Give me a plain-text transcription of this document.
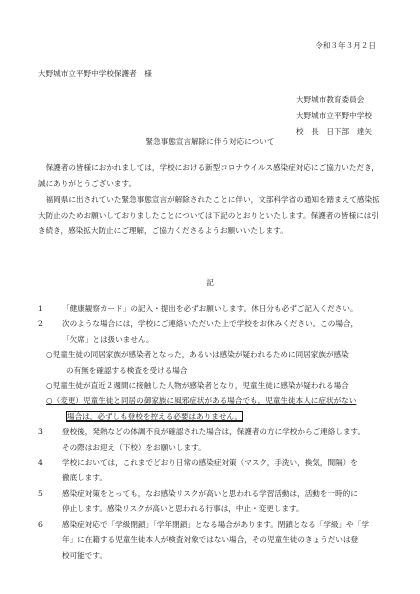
令和３年３月２日
大野城市立平野中学校保護者　様
大野城市教育委員会
大野城市立平野中学校
校　長　日下部　達矢
緊急事態宣言解除に伴う対応について
保護者の皆様におかれましては，学校における新型コロナウイルス感染症対応にご協力いただき，誠にありがとうございます。
福岡県に出されていた緊急事態宣言が解除されたことに伴い，文部科学省の通知を踏まえて感染拡大防止のためお願いしておりましたことについては下記のとおりといたします。保護者の皆様には引き続き，感染拡大防止にご理解，ご協力くださるようお願いいたします。
記
1	「健康観察カード」の記入・提出を必ずお願いします。休日分も必ずご記入ください。
2	次のような場合には，学校にご連絡いただいた上で学校をお休みください。この場合，
「欠席」とは扱いません。
○児童生徒の同居家族が感染者となった，あるいは感染が疑われるために同居家族が感染
の有無を確認する検査を受ける場合
○児童生徒が直近２週間に接触した人物が感染者となり，児童生徒に感染が疑われる場合
○（変更）児童生徒と同居の御家族に風邪症状がある場合でも，児童生徒本人に症状がない
場合は，必ずしも登校を控える必要はありません。
3	登校後，発熱などの体調不良が確認された場合は，保護者の方に学校からご連絡します。
その際はお迎え（下校）をお願いします。
4	学校においては，これまでどおり日常の感染症対策（マスク，手洗い，換気，間隔）を
徹底します。
5	感染症対策をとっても，なお感染リスクが高いと思われる学習活動は，活動を一時的に
停止します。感染リスクが高いと思われる行事は，中止・変更します。
6	感染症対応で「学級閉鎖」「学年閉鎖」となる場合があります。閉鎖となる「学級」や「学
年」に在籍する児童生徒本人が検査対象ではない場合，その児童生徒のきょうだいは登
校可能です。
